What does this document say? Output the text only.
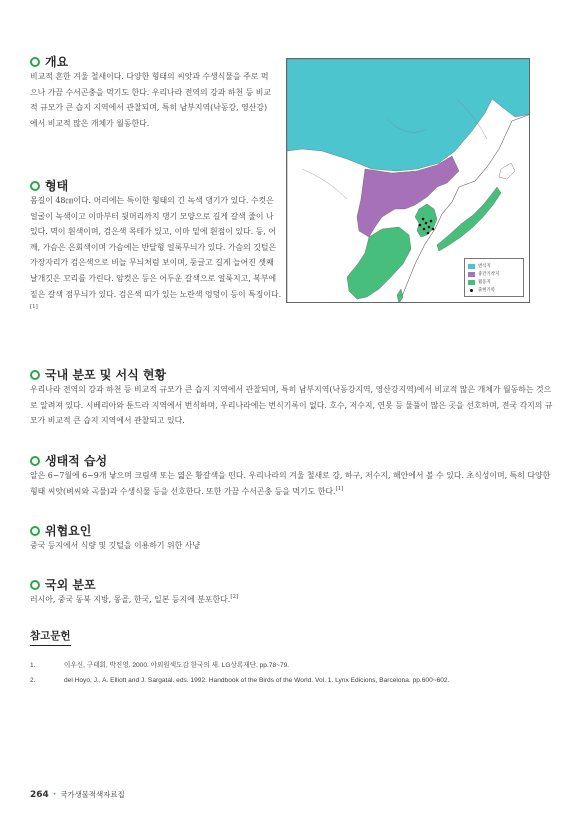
개요

비교적 흔한 겨울 철새이다. 다양한 형태의 씨앗과 수생식물을 주로 먹으나 가끔 수서곤충을 먹기도 한다. 우리나라 전역의 강과 하천 등 비교적 규모가 큰 습지 지역에서 관찰되며, 특히 남부지역(낙동강, 영산강)에서 비교적 많은 개체가 월동한다.

형태

몸길이 48㎝이다. 머리에는 특이한 형태의 긴 녹색 댕기가 있다. 수컷은 얼굴이 녹색이고 이마부터 뒷머리까지 댕기 모양으로 길게 갈색 줄이 나 있다. 멱이 흰색이며, 검은색 목테가 있고, 이마 밑에 흰점이 있다. 등, 어깨, 가슴은 은회색이며 가슴에는 반달형 얼룩무늬가 있다. 가슴의 깃털은 가장자리가 검은색으로 비늘 무늬처럼 보이며, 둥글고 길게 늘어진 셋째 날개깃은 꼬리를 가린다. 암컷은 등은 어두운 갈색으로 얼룩지고, 복부에 짙은 갈색 점무늬가 있다. 검은색 띠가 있는 노란색 엉덩이 등이 특징이다.[1]

번식지
중간기착지
월동지
출현기록
국내 분포 및 서식 현황

우리나라 전역의 강과 하천 등 비교적 규모가 큰 습지 지역에서 관찰되며, 특히 남부지역(낙동강지역, 영산강지역)에서 비교적 많은 개체가 월동하는 것으로 알려져 있다. 시베리아와 툰드라 지역에서 번식하며, 우리나라에는 번식기록이 없다. 호수, 저수지, 연못 등 물풀이 많은 곳을 선호하며, 전국 각지의 규모가 비교적 큰 습지 지역에서 관찰되고 있다.

생태적 습성

알은 6~7월에 6~9개 낳으며 크림색 또는 엷은 황갈색을 띤다. 우리나라의 겨울 철새로 강, 하구, 저수지, 해안에서 볼 수 있다. 초식성이며, 특히 다양한 형태 씨앗(벼씨와 곡물)과 수생식물 등을 선호한다. 또한 가끔 수서곤충 등을 먹기도 한다.[1]

위협요인

중국 등지에서 식량 및 깃털을 이용하기 위한 사냥

국외 분포

러시아, 중국 동북 지방, 몽골, 한국, 일본 등지에 분포한다.[2]

참고문헌
1.	이우신, 구태회, 박진영. 2000. 야외원색도감 한국의 새. LG상록재단. pp.78~79.
2.	del Hoyo, J., A. Elliott and J. Sargatal. eds. 1992. Handbook of the Birds of the World. Vol. 1. Lynx Edicions, Barcelona. pp.600~602.
264 • 국가생물적색자료집
